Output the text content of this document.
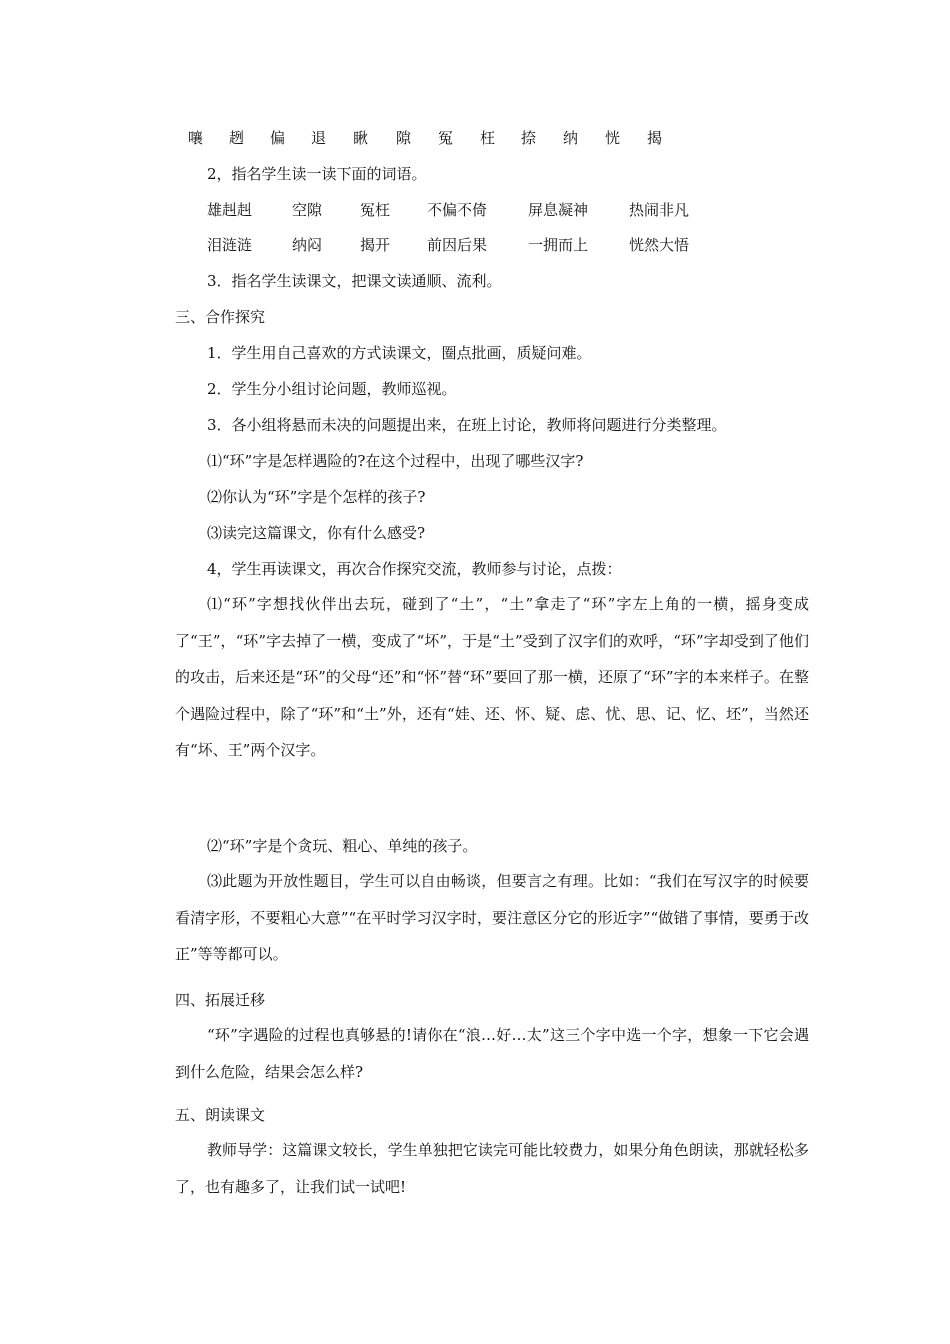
嚷 趔 偏 退 瞅 隙 冤 枉 捺 纳 恍 揭
2，指名学生读一读下面的词语。
雄赳赳	空隙	冤枉 不偏不倚	屏息凝神	热闹非凡
泪涟涟	纳闷	揭开 前因后果	一拥而上	恍然大悟
3．指名学生读课文，把课文读通顺、流利。
三、合作探究
1．学生用自己喜欢的方式读课文，圈点批画，质疑问难。
2．学生分小组讨论问题，教师巡视。
3．各小组将悬而未决的问题提出来，在班上讨论，教师将问题进行分类整理。
⑴“环”字是怎样遇险的?在这个过程中，出现了哪些汉字?
⑵你认为“环”字是个怎样的孩子?
⑶读完这篇课文，你有什么感受?
4，学生再读课文，再次合作探究交流，教师参与讨论，点拨：

⑴“环”字想找伙伴出去玩，碰到了“土”，“土”拿走了“环”字左上角的一横，摇身变成了“王”，“环”字去掉了一横，变成了“坏”，于是“土”受到了汉字们的欢呼，“环”字却受到了他们的攻击，后来还是“环”的父母“还”和“怀”替“环”要回了那一横，还原了“环”字的本来样子。在整个遇险过程中，除了“环”和“土”外，还有“娃、还、怀、疑、虑、忧、思、记、忆、坯”，当然还有“坏、王”两个汉字。

⑵“环”字是个贪玩、粗心、单纯的孩子。

⑶此题为开放性题目，学生可以自由畅谈，但要言之有理。比如：“我们在写汉字的时候要看清字形，不要粗心大意”“在平时学习汉字时，要注意区分它的形近字”“做错了事情，要勇于改正”等等都可以。

四、拓展迁移

“环”字遇险的过程也真够悬的!请你在“浪…好…太”这三个字中选一个字，想象一下它会遇到什么危险，结果会怎么样?

五、朗读课文

教师导学：这篇课文较长，学生单独把它读完可能比较费力，如果分角色朗读，那就轻松多了，也有趣多了，让我们试一试吧!
